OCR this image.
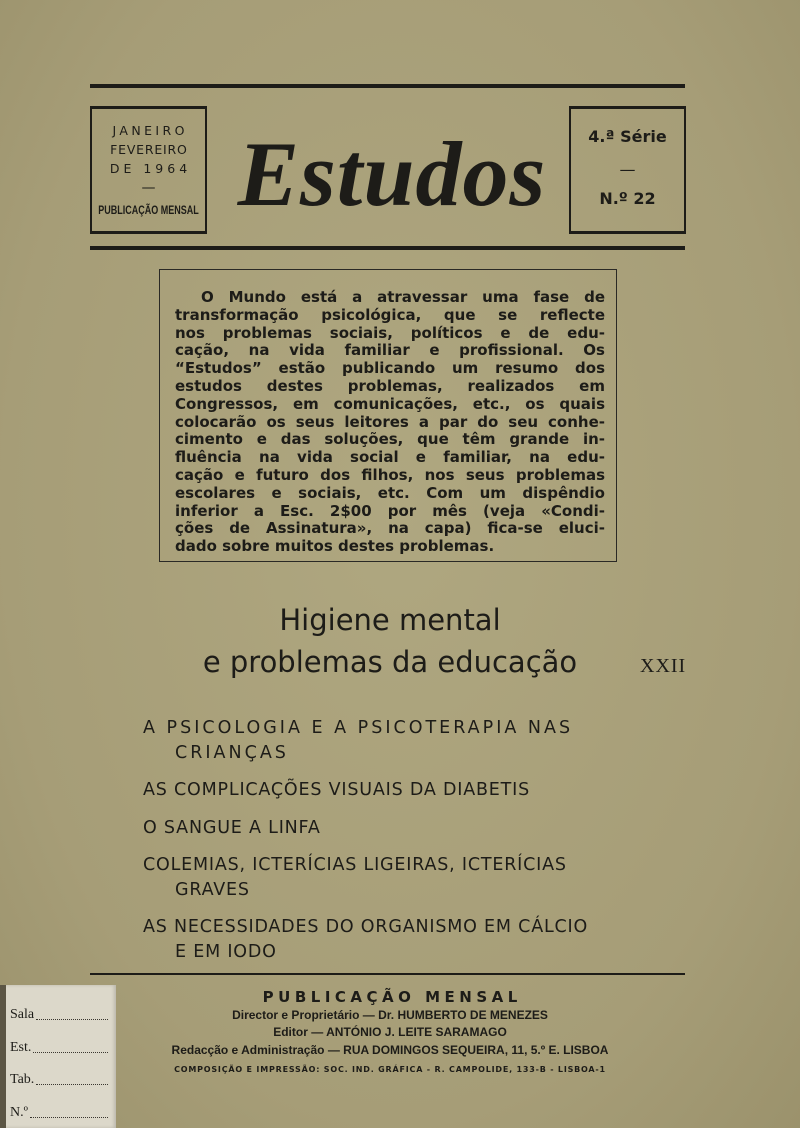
JANEIRO
FEVEREIRO
DE 1964
—
PUBLICAÇÃO MENSAL Estudos	4.ª Série
—
N.º 22
O Mundo está a atravessar uma fase de
transformação psicológica, que se reflecte
nos problemas sociais, políticos e de edu-
cação, na vida familiar e profissional. Os
“Estudos” estão publicando um resumo dos
estudos destes problemas, realizados em
Congressos, em comunicações, etc., os quais
colocarão os seus leitores a par do seu conhe-
cimento e das soluções, que têm grande in-
fluência na vida social e familiar, na edu-
cação e futuro dos filhos, nos seus problemas
escolares e sociais, etc. Com um dispêndio
inferior a Esc. 2$00 por mês (veja «Condi-
ções de Assinatura», na capa) fica-se eluci-
dado sobre muitos destes problemas.
Higiene mental
e problemas da educação	XXII
A PSICOLOGIA E A PSICOTERAPIA NAS
CRIANÇAS
AS COMPLICAÇÕES VISUAIS DA DIABETIS
O SANGUE A LINFA
COLEMIAS, ICTERÍCIAS LIGEIRAS, ICTERÍCIAS
GRAVES
AS NECESSIDADES DO ORGANISMO EM CÁLCIO
E EM IODO
PUBLICAÇÃO MENSAL
Director e Proprietário — Dr. HUMBERTO DE MENEZES
Editor — ANTÓNIO J. LEITE SARAMAGO
Redacção e Administração — RUA DOMINGOS SEQUEIRA, 11, 5.º E. LISBOA
COMPOSIÇÃO E IMPRESSÃO: SOC. IND. GRÁFICA - R. CAMPOLIDE, 133-B - LISBOA-1
Sala
Est.
Tab.
N.º
